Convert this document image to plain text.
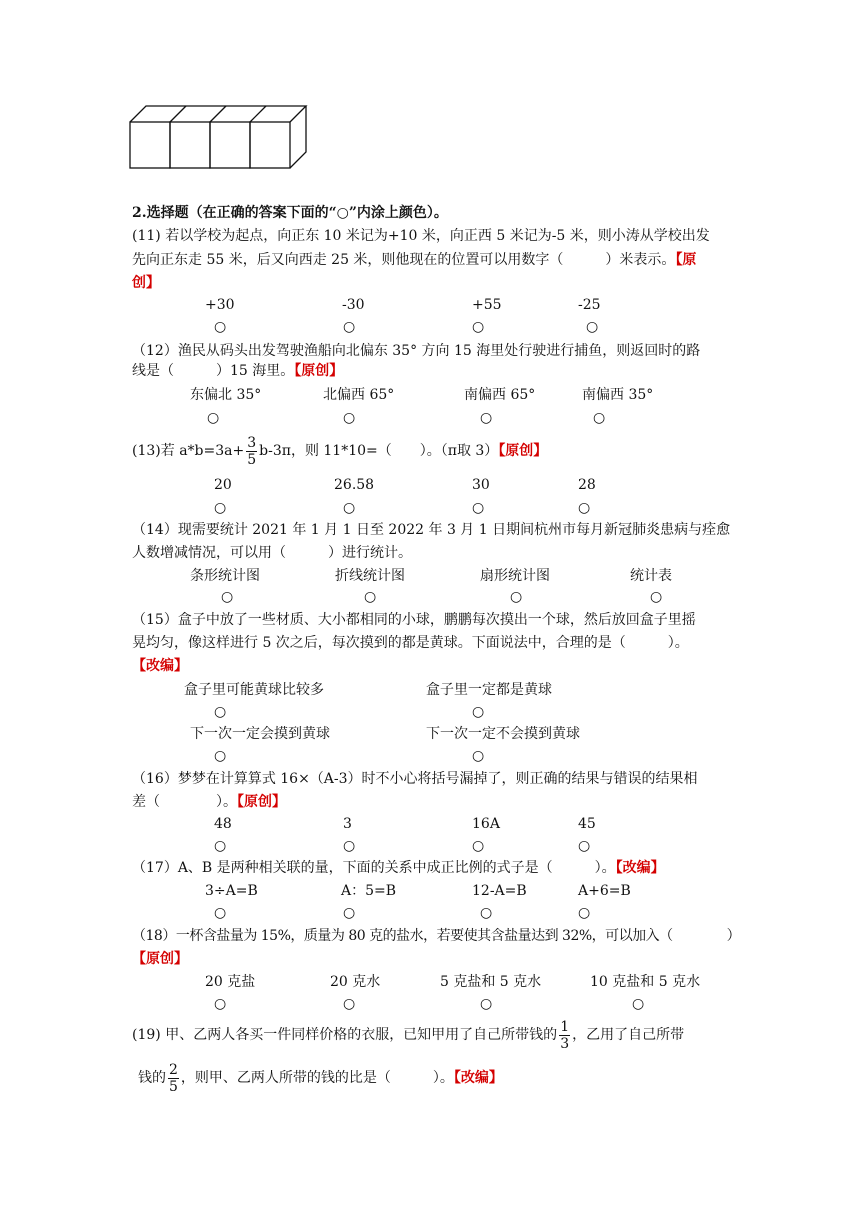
2.选择题（在正确的答案下面的“○”内涂上颜色）。
(11) 若以学校为起点，向正东 10 米记为+10 米，向正西 5 米记为-5 米，则小涛从学校出发
先向正东走 55 米，后又向西走 25 米，则他现在的位置可以用数字（　　　）米表示。【原
创】
+30	-30	+55	-25
○	○	○	○
（12）渔民从码头出发驾驶渔船向北偏东 35° 方向 15 海里处行驶进行捕鱼，则返回时的路
线是（　　　）15 海里。【原创】
东偏北 35°	北偏西 65°	南偏西 65°	南偏西 35°
○	○	○	○
(13)若 $a*b=3a+ \frac{3}{5} b-3\pi$，则 11*10=（　　）。（π取 3）【原创】
20	26.58	30	28
○	○	○	○
（14）现需要统计 2021 年 1 月 1 日至 2022 年 3 月 1 日期间杭州市每月新冠肺炎患病与痊愈
人数增减情况，可以用（　　　）进行统计。
条形统计图	折线统计图	扇形统计图	统计表
○	○	○	○
（15）盒子中放了一些材质、大小都相同的小球，鹏鹏每次摸出一个球，然后放回盒子里摇
晃均匀，像这样进行 5 次之后，每次摸到的都是黄球。下面说法中，合理的是（　　　）。
【改编】
盒子里可能黄球比较多	盒子里一定都是黄球
○	○
下一次一定会摸到黄球	下一次一定不会摸到黄球
○	○
（16）梦梦在计算算式 16×（A-3）时不小心将括号漏掉了，则正确的结果与错误的结果相
差（　　　　）。【原创】
48	3	16A	45
○	○	○	○
（17）A、B 是两种相关联的量，下面的关系中成正比例的式子是（　　　）。【改编】
3÷A=B	A：5=B	12-A=B	A+6=B
○	○	○	○
（18）一杯含盐量为 15%，质量为 80 克的盐水，若要使其含盐量达到 32%，可以加入（　　　　）
【原创】
20 克盐	20 克水	5 克盐和 5 克水	10 克盐和 5 克水
○	○	○	○
(19) 甲、乙两人各买一件同样价格的衣服，已知甲用了自己所带钱的 $\frac{1}{3}$ ，乙用了自己所带
钱的 $\frac{2}{5}$ ，则甲、乙两人所带的钱的比是（　　　）。【改编】
